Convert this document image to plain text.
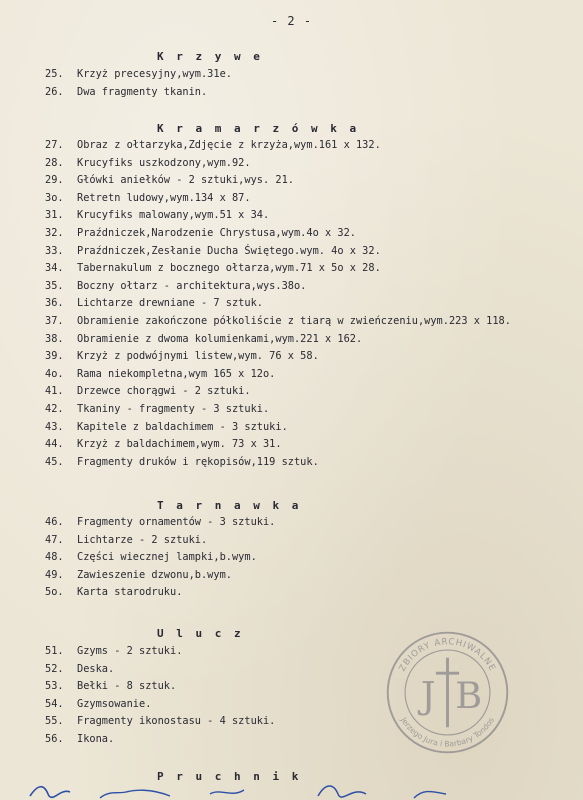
- 2 -
K r z y w e
25. Krzyż precesyjny,wym.31e.
26. Dwa fragmenty tkanin.
K r a m a r z ó w k a
27. Obraz z ołtarzyka,Zdjęcie z krzyża,wym.161 x 132.
28. Krucyfiks uszkodzony,wym.92.
29. Główki aniełków - 2 sztuki,wys. 21.
3o. Retretn ludowy,wym.134 x 87.
31. Krucyfiks malowany,wym.51 x 34.
32. Praźdniczek,Narodzenie Chrystusa,wym.4o x 32.
33. Praźdniczek,Zesłanie Ducha Świętego.wym. 4o x 32.
34. Tabernakulum z bocznego ołtarza,wym.71 x 5o x 28.
35. Boczny ołtarz - architektura,wys.38o.
36. Lichtarze drewniane - 7 sztuk.
37. Obramienie zakończone półkoliście z tiarą w zwieńczeniu,wym.223 x 118.
38. Obramienie z dwoma kolumienkami,wym.221 x 162.
39. Krzyż z podwójnymi listew,wym. 76 x 58.
4o. Rama niekompletna,wym 165 x 12o.
41. Drzewce chorągwi - 2 sztuki.
42. Tkaniny - fragmenty - 3 sztuki.
43. Kapitele z baldachimem - 3 sztuki.
44. Krzyż z baldachimem,wym. 73 x 31.
45. Fragmenty druków i rękopisów,119 sztuk.
T a r n a w k a
46. Fragmenty ornamentów - 3 sztuki.
47. Lichtarze - 2 sztuki.
48. Części wiecznej lampki,b.wym.
49. Zawieszenie dzwonu,b.wym.
5o. Karta starodruku.
U l u c z
51. Gzyms - 2 sztuki.
52. Deska.
53. Bełki - 8 sztuk.
54. Gzymsowanie.
55. Fragmenty ikonostasu - 4 sztuki.
56. Ikona.
P r u c h n i k
ZBIORY ARCHIWALNE
Jerzego Jura i Barbary Tondos
J B
